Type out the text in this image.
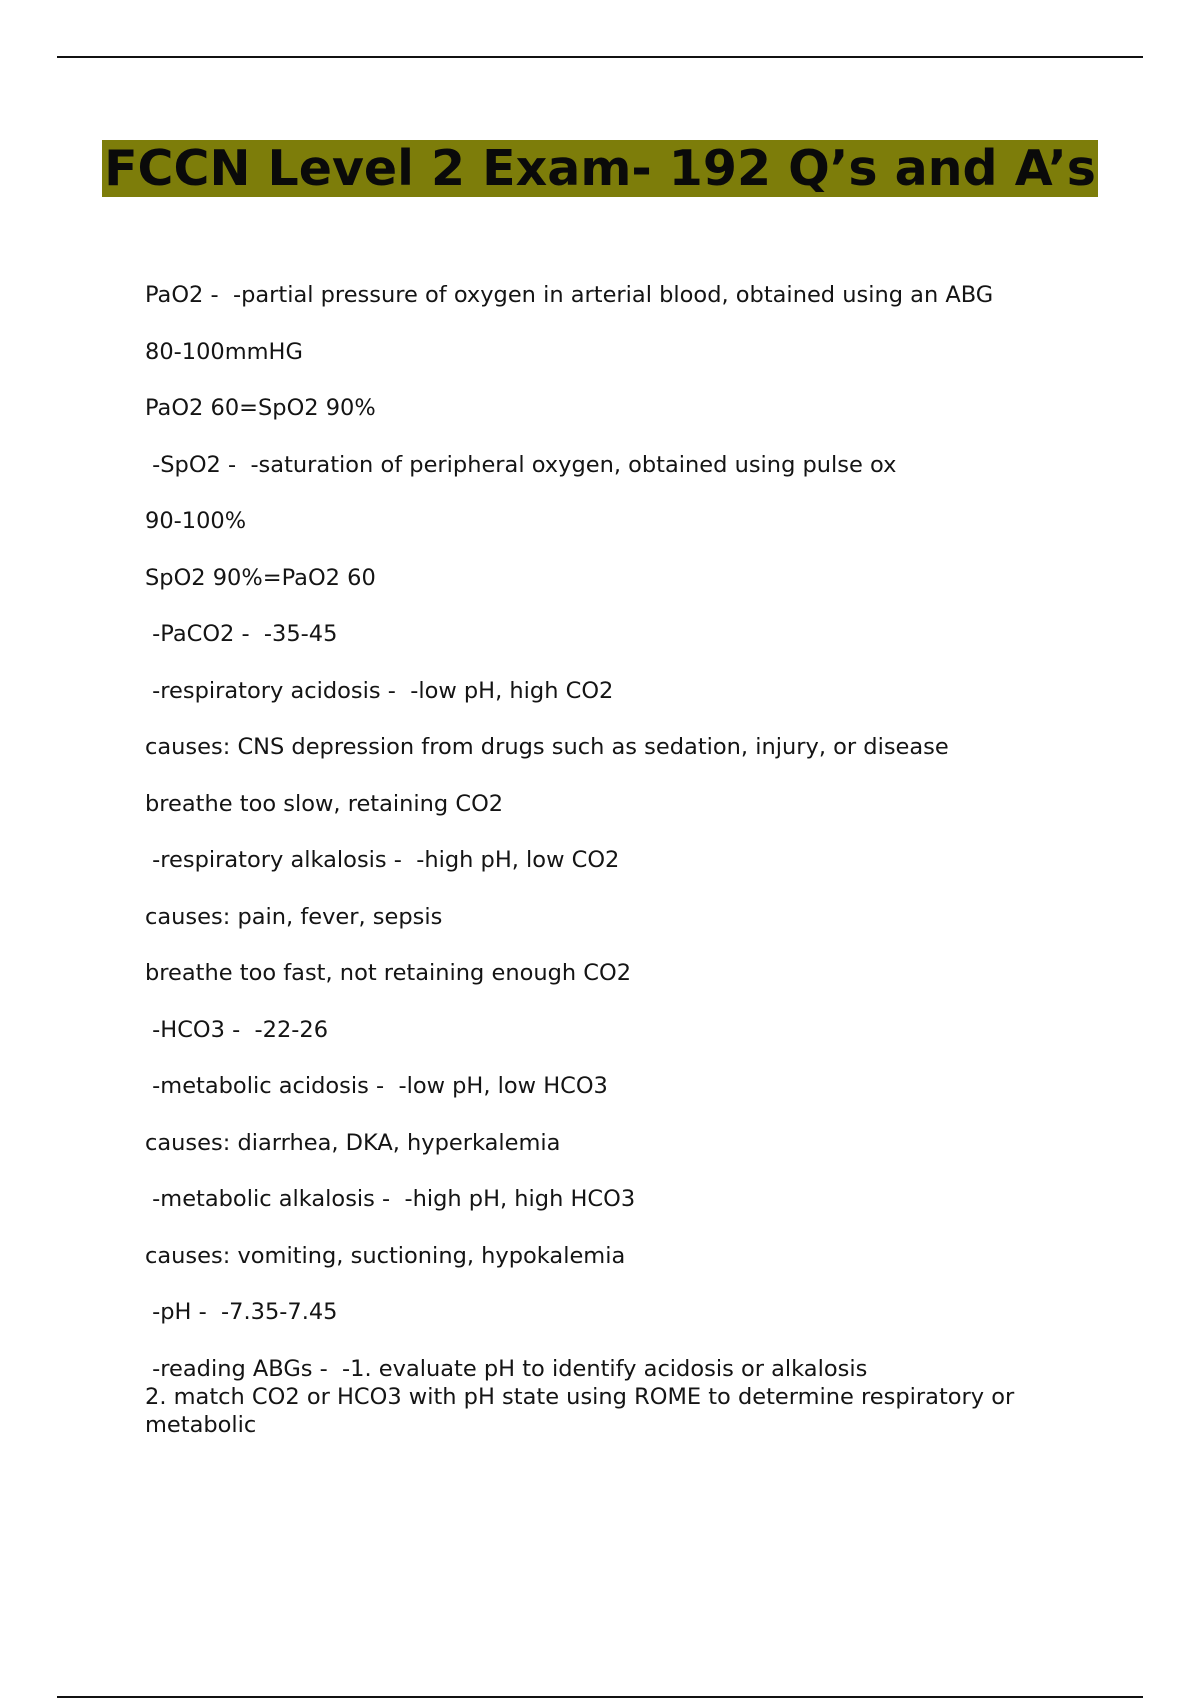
FCCN Level 2 Exam- 192 Q’s and A’s

PaO2 -  -partial pressure of oxygen in arterial blood, obtained using an ABG

80-100mmHG

PaO2 60=SpO2 90%

-SpO2 -  -saturation of peripheral oxygen, obtained using pulse ox

90-100%

SpO2 90%=PaO2 60

-PaCO2 -  -35-45

-respiratory acidosis -  -low pH, high CO2

causes: CNS depression from drugs such as sedation, injury, or disease

breathe too slow, retaining CO2

-respiratory alkalosis -  -high pH, low CO2

causes: pain, fever, sepsis

breathe too fast, not retaining enough CO2

-HCO3 -  -22-26

-metabolic acidosis -  -low pH, low HCO3

causes: diarrhea, DKA, hyperkalemia

-metabolic alkalosis -  -high pH, high HCO3

causes: vomiting, suctioning, hypokalemia

-pH -  -7.35-7.45

-reading ABGs -  -1. evaluate pH to identify acidosis or alkalosis
2. match CO2 or HCO3 with pH state using ROME to determine respiratory or metabolic
